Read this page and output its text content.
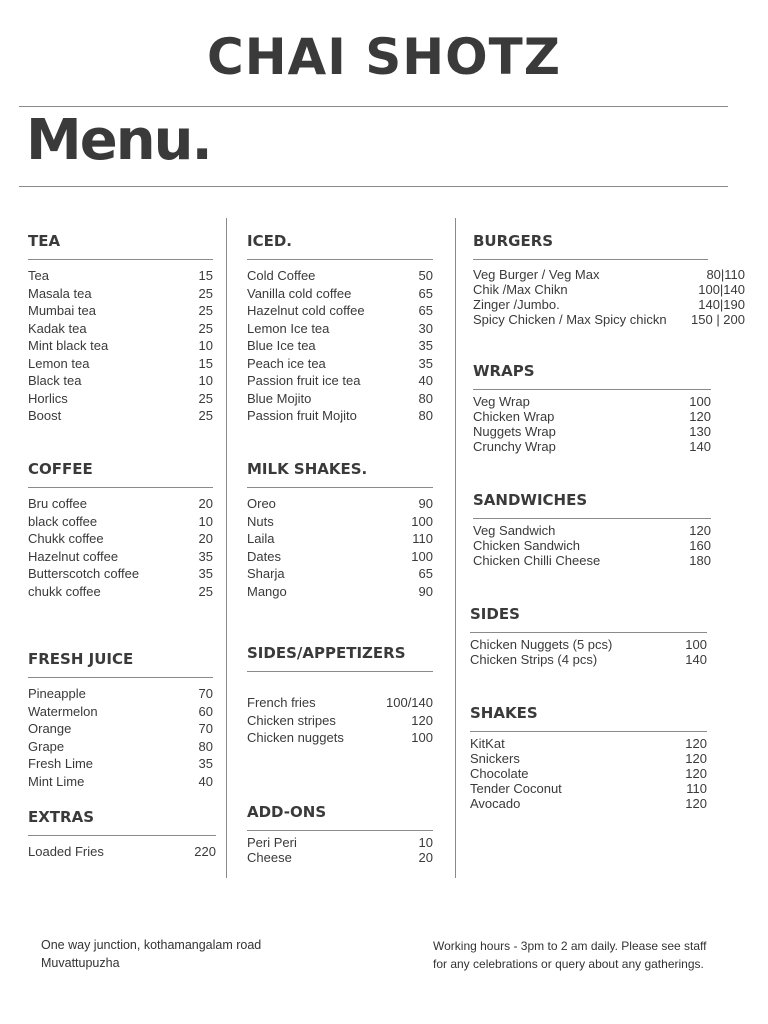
CHAI SHOTZ
Menu.
TEA
Tea	15
Masala tea	25
Mumbai tea	25
Kadak tea	25
Mint black tea	10
Lemon tea	15
Black tea	10
Horlics	25
Boost	25
COFFEE
Bru coffee	20
black coffee	10
Chukk coffee	20
Hazelnut coffee	35
Butterscotch coffee	35
chukk coffee	25
FRESH JUICE
Pineapple	70
Watermelon	60
Orange	70
Grape	80
Fresh Lime	35
Mint Lime	40
EXTRAS
Loaded Fries	220
ICED.
Cold Coffee	50
Vanilla cold coffee	65
Hazelnut cold coffee	65
Lemon Ice tea	30
Blue Ice tea	35
Peach ice tea	35
Passion fruit ice tea	40
Blue Mojito	80
Passion fruit Mojito	80
MILK SHAKES.
Oreo	90
Nuts	100
Laila	110
Dates	100
Sharja	65
Mango	90
SIDES/APPETIZERS
French fries	100/140
Chicken stripes	120
Chicken nuggets	100
ADD-ONS
Peri Peri	10
Cheese	20
BURGERS
Veg Burger / Veg Max	80|110
Chik /Max Chikn	100|140
Zinger /Jumbo.	140|190
Spicy Chicken / Max Spicy chickn 150 | 200
WRAPS
Veg Wrap	100
Chicken Wrap	120
Nuggets Wrap	130
Crunchy Wrap	140
SANDWICHES
Veg Sandwich	120
Chicken Sandwich	160
Chicken Chilli Cheese	180
SIDES
Chicken Nuggets (5 pcs)	100
Chicken Strips (4 pcs)	140
SHAKES
KitKat	120
Snickers	120
Chocolate	120
Tender Coconut	110
Avocado	120
One way junction, kothamangalam road
Muvattupuzha
Working hours - 3pm to 2 am daily. Please see staff
for any celebrations or query about any gatherings.
